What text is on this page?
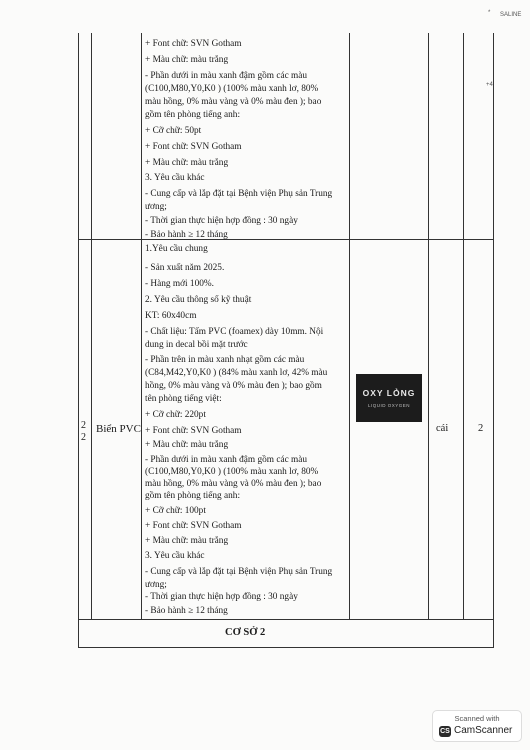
* SALINE
+4
+ Font chữ: SVN Gotham
+ Màu chữ: màu trắng
- Phần dưới in màu xanh đậm gồm các màu
(C100,M80,Y0,K0 ) (100% màu xanh lơ, 80%
màu hồng, 0% màu vàng và 0% màu đen ); bao
gồm tên phòng tiếng anh:
+ Cỡ chữ: 50pt
+ Font chữ: SVN Gotham
+ Màu chữ: màu trắng
3. Yêu cầu khác
- Cung cấp và lắp đặt tại Bệnh viện Phụ sản Trung
ương;
- Thời gian thực hiện hợp đồng : 30 ngày
- Bảo hành ≥ 12 tháng
2
2
Biển PVC
1.Yêu cầu chung
- Sản xuất năm 2025.
- Hàng mới 100%.
2. Yêu cầu thông số kỹ thuật
KT: 60x40cm
- Chất liệu: Tấm PVC (foamex) dày 10mm. Nội
dung in decal bồi mặt trước
- Phần trên in màu xanh nhạt gồm các màu
(C84,M42,Y0,K0 ) (84% màu xanh lơ, 42% màu
hồng, 0% màu vàng và 0% màu đen ); bao gồm
tên phòng tiếng việt:
+ Cỡ chữ: 220pt
+ Font chữ: SVN Gotham
+ Màu chữ: màu trắng
- Phần dưới in màu xanh đậm gồm các màu
(C100,M80,Y0,K0 ) (100% màu xanh lơ, 80%
màu hồng, 0% màu vàng và 0% màu đen ); bao
gồm tên phòng tiếng anh:
+ Cỡ chữ: 100pt
+ Font chữ: SVN Gotham
+ Màu chữ: màu trắng
3. Yêu cầu khác
- Cung cấp và lắp đặt tại Bệnh viện Phụ sản Trung
ương;
- Thời gian thực hiện hợp đồng : 30 ngày
- Bảo hành ≥ 12 tháng
OXY LỎNG
LIQUID OXYGEN
cái	2
CƠ SỞ 2
Scanned with
CS CamScanner
